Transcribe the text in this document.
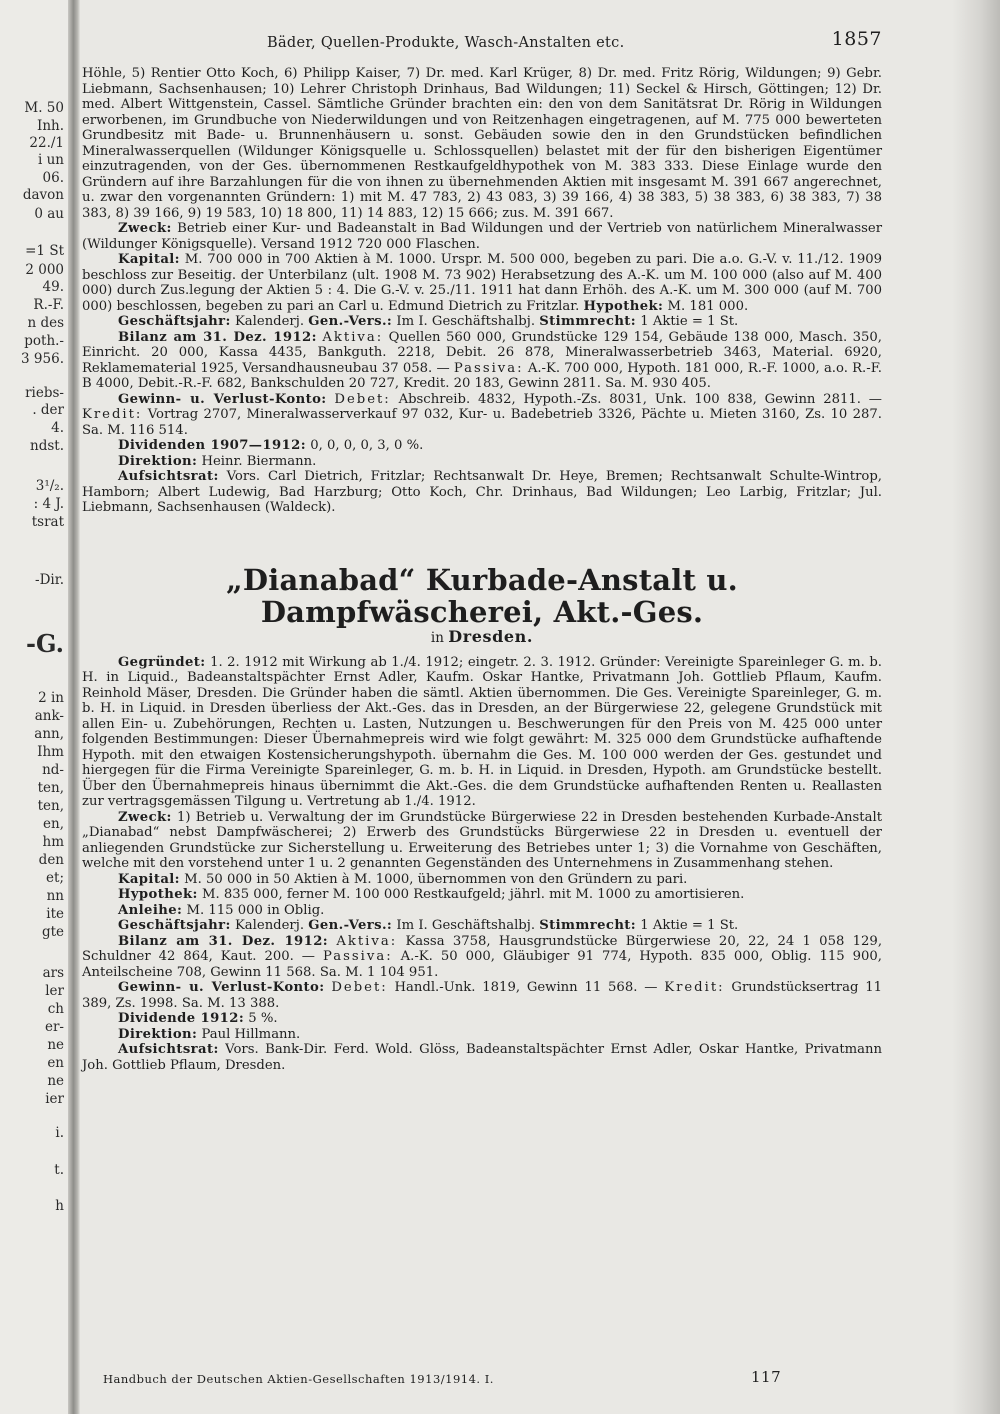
M. 50
Inh.
22./1
i un
06.
davon
0 au
=1 St
2 000
49.
R.-F.
n des
poth.-
3 956.
riebs-
. der
4.
ndst.
3¹/₂.
: 4 J.
tsrat
-Dir.
-G.
2 in
ank-
ann,
Ihm
nd-
ten,
ten,
en,
hm
den
et;
nn
ite
gte
ars
ler
ch
er-
ne
en
ne
ier
i.
t.
h
Bäder, Quellen-Produkte, Wasch-Anstalten etc.	1857

Höhle, 5) Rentier Otto Koch, 6) Philipp Kaiser, 7) Dr. med. Karl Krüger, 8) Dr. med. Fritz Rörig, Wildungen; 9) Gebr. Liebmann, Sachsenhausen; 10) Lehrer Christoph Drinhaus, Bad Wildungen; 11) Seckel & Hirsch, Göttingen; 12) Dr. med. Albert Wittgenstein, Cassel. Sämtliche Gründer brachten ein: den von dem Sanitätsrat Dr. Rörig in Wildungen erworbenen, im Grundbuche von Niederwildungen und von Reitzenhagen eingetragenen, auf M. 775 000 bewerteten Grundbesitz mit Bade- u. Brunnenhäusern u. sonst. Gebäuden sowie den in den Grundstücken befindlichen Mineralwasserquellen (Wildunger Königsquelle u. Schlossquellen) belastet mit der für den bisherigen Eigentümer einzutragenden, von der Ges. übernommenen Restkaufgeldhypothek von M. 383 333. Diese Einlage wurde den Gründern auf ihre Barzahlungen für die von ihnen zu übernehmenden Aktien mit insgesamt M. 391 667 angerechnet, u. zwar den vorgenannten Gründern: 1) mit M. 47 783, 2) 43 083, 3) 39 166, 4) 38 383, 5) 38 383, 6) 38 383, 7) 38 383, 8) 39 166, 9) 19 583, 10) 18 800, 11) 14 883, 12) 15 666; zus. M. 391 667.

Zweck: Betrieb einer Kur- und Badeanstalt in Bad Wildungen und der Vertrieb von natürlichem Mineralwasser (Wildunger Königsquelle). Versand 1912 720 000 Flaschen.

Kapital: M. 700 000 in 700 Aktien à M. 1000. Urspr. M. 500 000, begeben zu pari. Die a.o. G.-V. v. 11./12. 1909 beschloss zur Beseitig. der Unterbilanz (ult. 1908 M. 73 902) Herabsetzung des A.-K. um M. 100 000 (also auf M. 400 000) durch Zus.legung der Aktien 5 : 4. Die G.-V. v. 25./11. 1911 hat dann Erhöh. des A.-K. um M. 300 000 (auf M. 700 000) beschlossen, begeben zu pari an Carl u. Edmund Dietrich zu Fritzlar. Hypothek: M. 181 000.

Geschäftsjahr: Kalenderj. Gen.-Vers.: Im I. Geschäftshalbj. Stimmrecht: 1 Aktie = 1 St.

Bilanz am 31. Dez. 1912: Aktiva: Quellen 560 000, Grundstücke 129 154, Gebäude 138 000, Masch. 350, Einricht. 20 000, Kassa 4435, Bankguth. 2218, Debit. 26 878, Mineralwasserbetrieb 3463, Material. 6920, Reklamematerial 1925, Versandhausneubau 37 058. — Passiva: A.-K. 700 000, Hypoth. 181 000, R.-F. 1000, a.o. R.-F. B 4000, Debit.-R.-F. 682, Bankschulden 20 727, Kredit. 20 183, Gewinn 2811. Sa. M. 930 405.

Gewinn- u. Verlust-Konto: Debet: Abschreib. 4832, Hypoth.-Zs. 8031, Unk. 100 838, Gewinn 2811. — Kredit: Vortrag 2707, Mineralwasserverkauf 97 032, Kur- u. Badebetrieb 3326, Pächte u. Mieten 3160, Zs. 10 287. Sa. M. 116 514.

Dividenden 1907—1912: 0, 0, 0, 0, 3, 0 %.

Direktion: Heinr. Biermann.

Aufsichtsrat: Vors. Carl Dietrich, Fritzlar; Rechtsanwalt Dr. Heye, Bremen; Rechtsanwalt Schulte-Wintrop, Hamborn; Albert Ludewig, Bad Harzburg; Otto Koch, Chr. Drinhaus, Bad Wildungen; Leo Larbig, Fritzlar; Jul. Liebmann, Sachsenhausen (Waldeck).

„Dianabad“ Kurbade-Anstalt u. Dampfwäscherei, Akt.-Ges.
in Dresden.

Gegründet: 1. 2. 1912 mit Wirkung ab 1./4. 1912; eingetr. 2. 3. 1912. Gründer: Vereinigte Spareinleger G. m. b. H. in Liquid., Badeanstaltspächter Ernst Adler, Kaufm. Oskar Hantke, Privatmann Joh. Gottlieb Pflaum, Kaufm. Reinhold Mäser, Dresden. Die Gründer haben die sämtl. Aktien übernommen. Die Ges. Vereinigte Spareinleger, G. m. b. H. in Liquid. in Dresden überliess der Akt.-Ges. das in Dresden, an der Bürgerwiese 22, gelegene Grundstück mit allen Ein- u. Zubehörungen, Rechten u. Lasten, Nutzungen u. Beschwerungen für den Preis von M. 425 000 unter folgenden Bestimmungen: Dieser Übernahmepreis wird wie folgt gewährt: M. 325 000 dem Grundstücke aufhaftende Hypoth. mit den etwaigen Kostensicherungshypoth. übernahm die Ges. M. 100 000 werden der Ges. gestundet und hiergegen für die Firma Vereinigte Spareinleger, G. m. b. H. in Liquid. in Dresden, Hypoth. am Grundstücke bestellt. Über den Übernahmepreis hinaus übernimmt die Akt.-Ges. die dem Grundstücke aufhaftenden Renten u. Reallasten zur vertragsgemässen Tilgung u. Vertretung ab 1./4. 1912.

Zweck: 1) Betrieb u. Verwaltung der im Grundstücke Bürgerwiese 22 in Dresden bestehenden Kurbade-Anstalt „Dianabad“ nebst Dampfwäscherei; 2) Erwerb des Grundstücks Bürgerwiese 22 in Dresden u. eventuell der anliegenden Grundstücke zur Sicherstellung u. Erweiterung des Betriebes unter 1; 3) die Vornahme von Geschäften, welche mit den vorstehend unter 1 u. 2 genannten Gegenständen des Unternehmens in Zusammenhang stehen.

Kapital: M. 50 000 in 50 Aktien à M. 1000, übernommen von den Gründern zu pari.

Hypothek: M. 835 000, ferner M. 100 000 Restkaufgeld; jährl. mit M. 1000 zu amortisieren.

Anleihe: M. 115 000 in Oblig.

Geschäftsjahr: Kalenderj. Gen.-Vers.: Im I. Geschäftshalbj. Stimmrecht: 1 Aktie = 1 St.

Bilanz am 31. Dez. 1912: Aktiva: Kassa 3758, Hausgrundstücke Bürgerwiese 20, 22, 24 1 058 129, Schuldner 42 864, Kaut. 200. — Passiva: A.-K. 50 000, Gläubiger 91 774, Hypoth. 835 000, Oblig. 115 900, Anteilscheine 708, Gewinn 11 568. Sa. M. 1 104 951.

Gewinn- u. Verlust-Konto: Debet: Handl.-Unk. 1819, Gewinn 11 568. — Kredit: Grundstücksertrag 11 389, Zs. 1998. Sa. M. 13 388.

Dividende 1912: 5 %.

Direktion: Paul Hillmann.

Aufsichtsrat: Vors. Bank-Dir. Ferd. Wold. Glöss, Badeanstaltspächter Ernst Adler, Oskar Hantke, Privatmann Joh. Gottlieb Pflaum, Dresden.

Handbuch der Deutschen Aktien-Gesellschaften 1913/1914. I.	117
